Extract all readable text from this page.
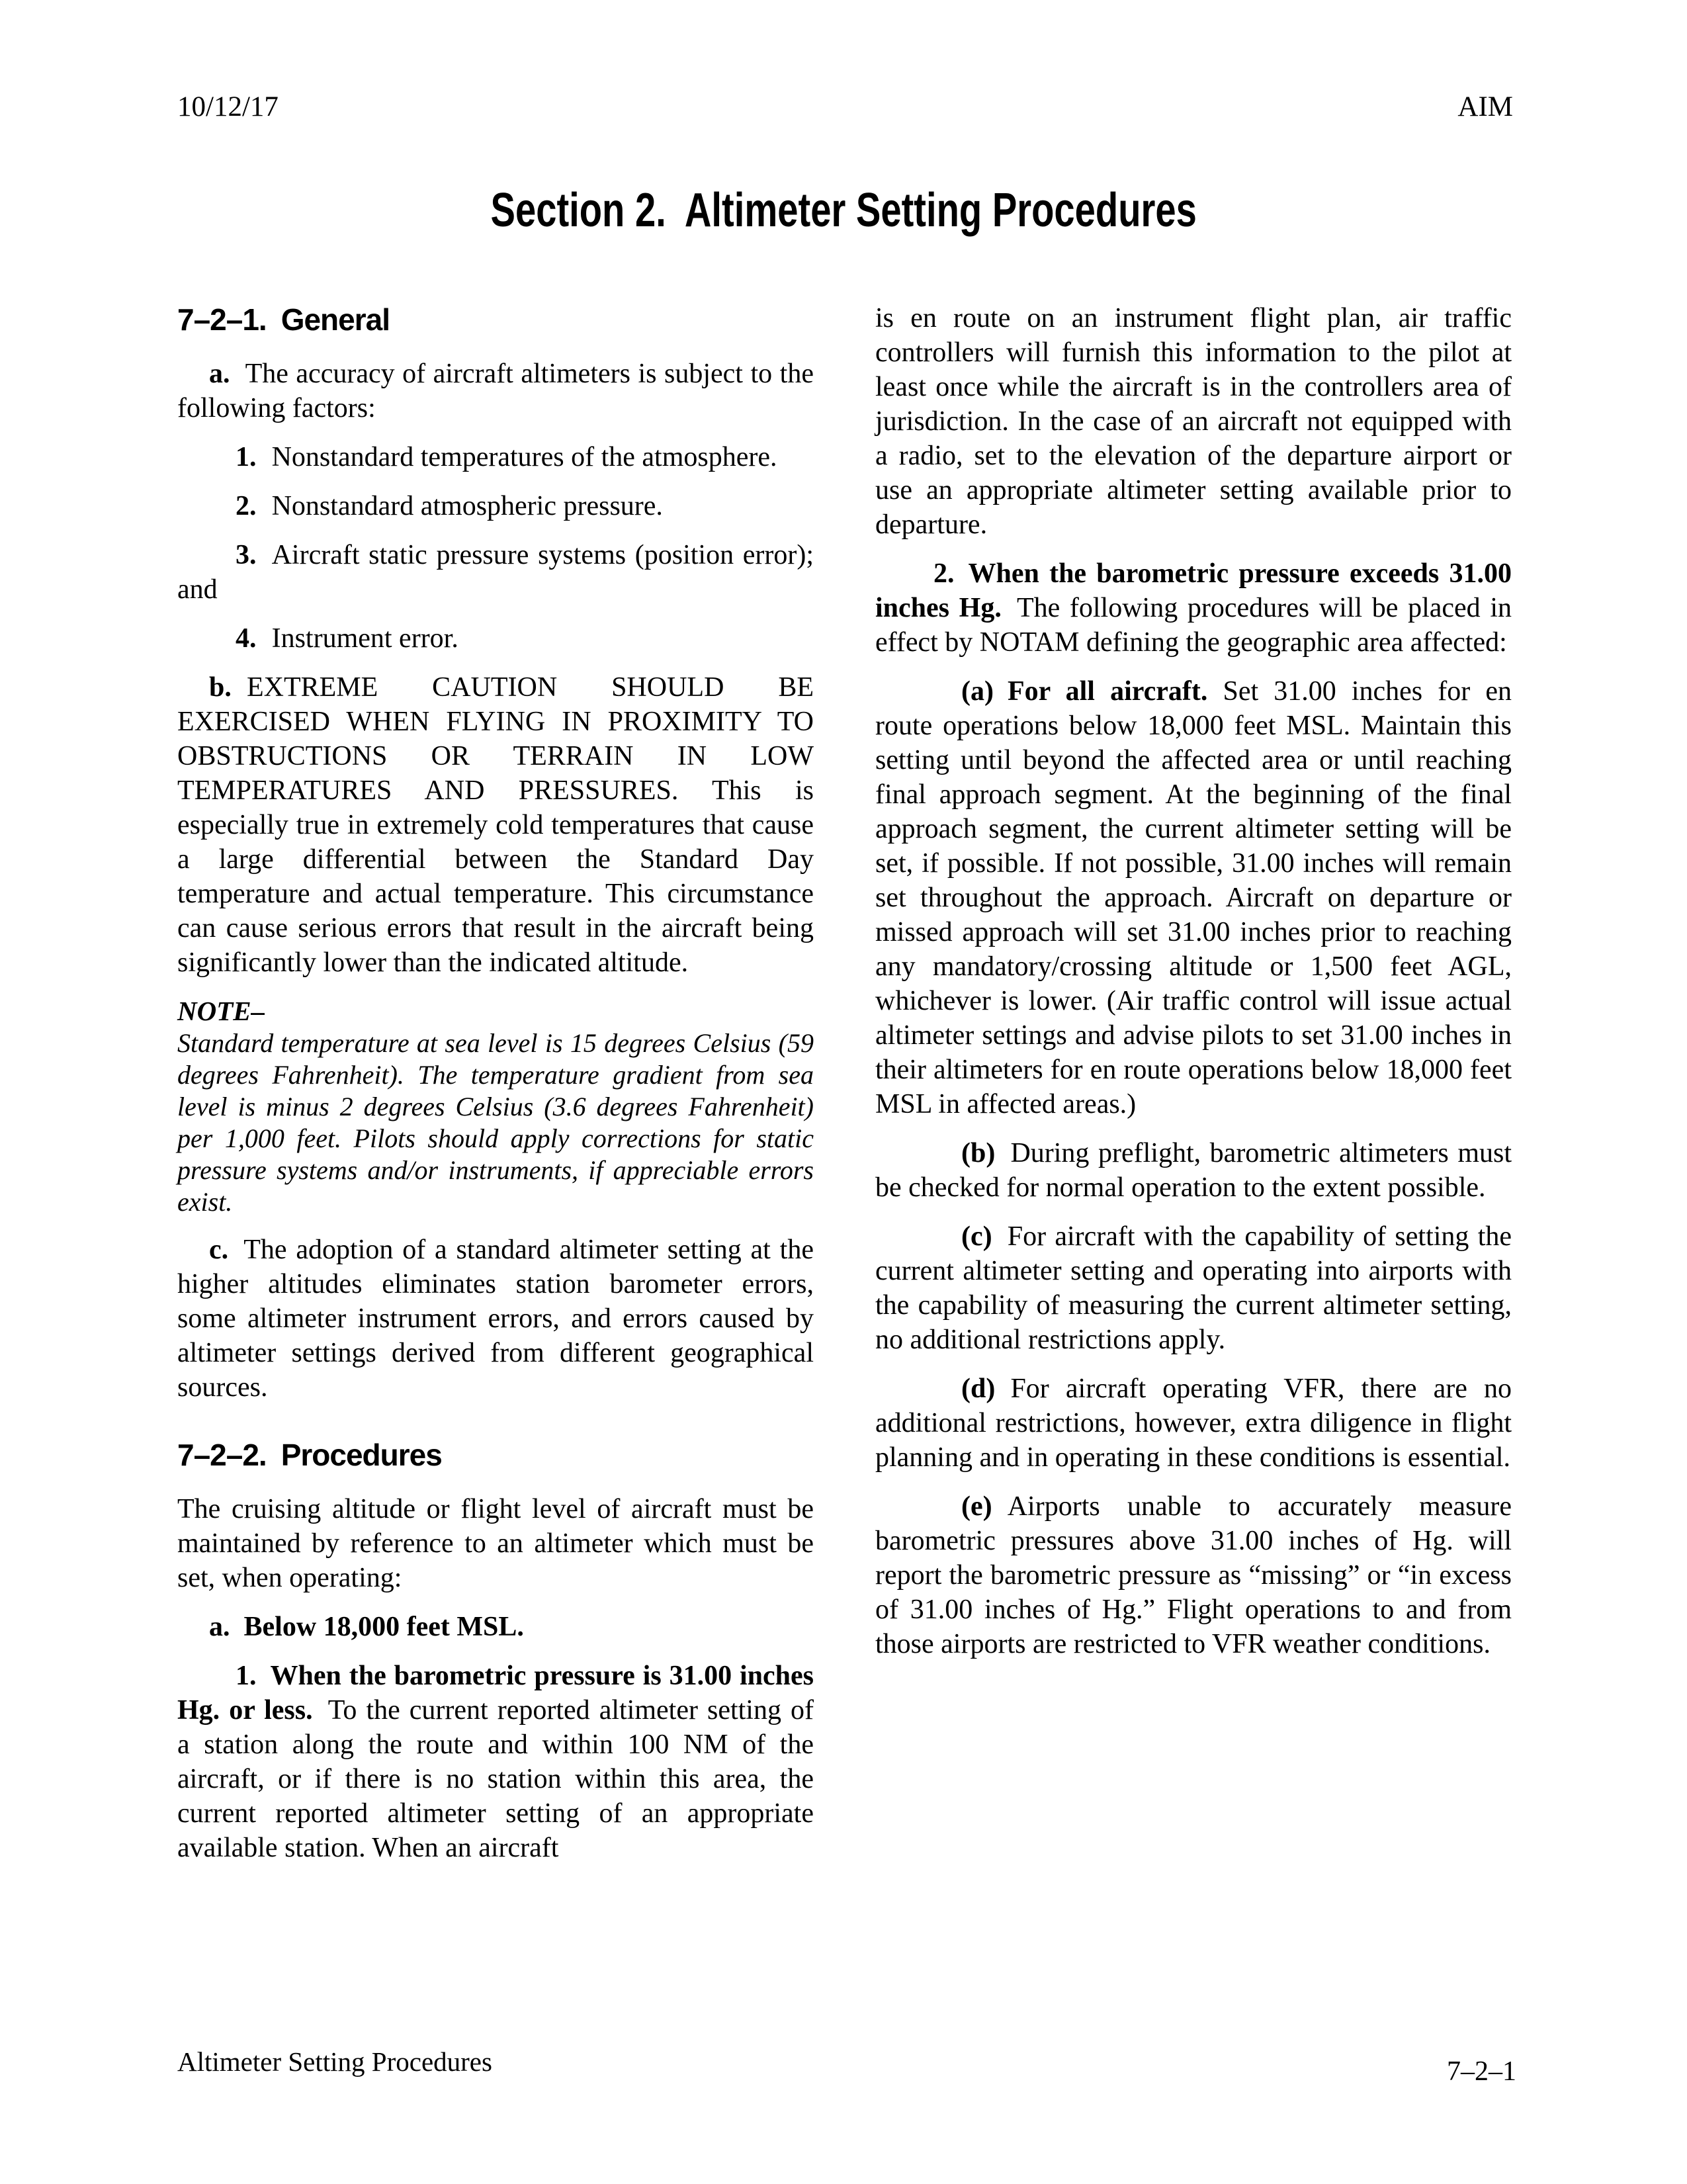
10/12/17	AIM
Section 2. Altimeter Setting Procedures
7–2–1. General

a. The accuracy of aircraft altimeters is subject to the following factors:

1. Nonstandard temperatures of the atmosphere.

2. Nonstandard atmospheric pressure.

3. Aircraft static pressure systems (position error); and

4. Instrument error.

b. EXTREME CAUTION SHOULD BE EXERCISED WHEN FLYING IN PROXIMITY TO OBSTRUCTIONS OR TERRAIN IN LOW TEMPERATURES AND PRESSURES. This is especially true in extremely cold temperatures that cause a large differential between the Standard Day temperature and actual temperature. This circumstance can cause serious errors that result in the aircraft being significantly lower than the indicated altitude.

NOTE–

Standard temperature at sea level is 15 degrees Celsius (59 degrees Fahrenheit). The temperature gradient from sea level is minus 2 degrees Celsius (3.6 degrees Fahrenheit) per 1,000 feet. Pilots should apply corrections for static pressure systems and/or instruments, if appreciable errors exist.

c. The adoption of a standard altimeter setting at the higher altitudes eliminates station barometer errors, some altimeter instrument errors, and errors caused by altimeter settings derived from different geographical sources.

7–2–2. Procedures

The cruising altitude or flight level of aircraft must be maintained by reference to an altimeter which must be set, when operating:

a. Below 18,000 feet MSL.

1. When the barometric pressure is 31.00 inches Hg. or less. To the current reported altimeter setting of a station along the route and within 100 NM of the aircraft, or if there is no station within this area, the current reported altimeter setting of an appropriate available station. When an aircraft

is en route on an instrument flight plan, air traffic controllers will furnish this information to the pilot at least once while the aircraft is in the controllers area of jurisdiction. In the case of an aircraft not equipped with a radio, set to the elevation of the departure airport or use an appropriate altimeter setting available prior to departure.

2. When the barometric pressure exceeds 31.00 inches Hg. The following procedures will be placed in effect by NOTAM defining the geographic area affected:

(a) For all aircraft. Set 31.00 inches for en route operations below 18,000 feet MSL. Maintain this setting until beyond the affected area or until reaching final approach segment. At the beginning of the final approach segment, the current altimeter setting will be set, if possible. If not possible, 31.00 inches will remain set throughout the approach. Aircraft on departure or missed approach will set 31.00 inches prior to reaching any mandatory/crossing altitude or 1,500 feet AGL, whichever is lower. (Air traffic control will issue actual altimeter settings and advise pilots to set 31.00 inches in their altimeters for en route operations below 18,000 feet MSL in affected areas.)

(b) During preflight, barometric altimeters must be checked for normal operation to the extent possible.

(c) For aircraft with the capability of setting the current altimeter setting and operating into airports with the capability of measuring the current altimeter setting, no additional restrictions apply.

(d) For aircraft operating VFR, there are no additional restrictions, however, extra diligence in flight planning and in operating in these conditions is essential.

(e) Airports unable to accurately measure barometric pressures above 31.00 inches of Hg. will report the barometric pressure as “missing” or “in excess of 31.00 inches of Hg.” Flight operations to and from those airports are restricted to VFR weather conditions.

Altimeter Setting Procedures	7–2–1
